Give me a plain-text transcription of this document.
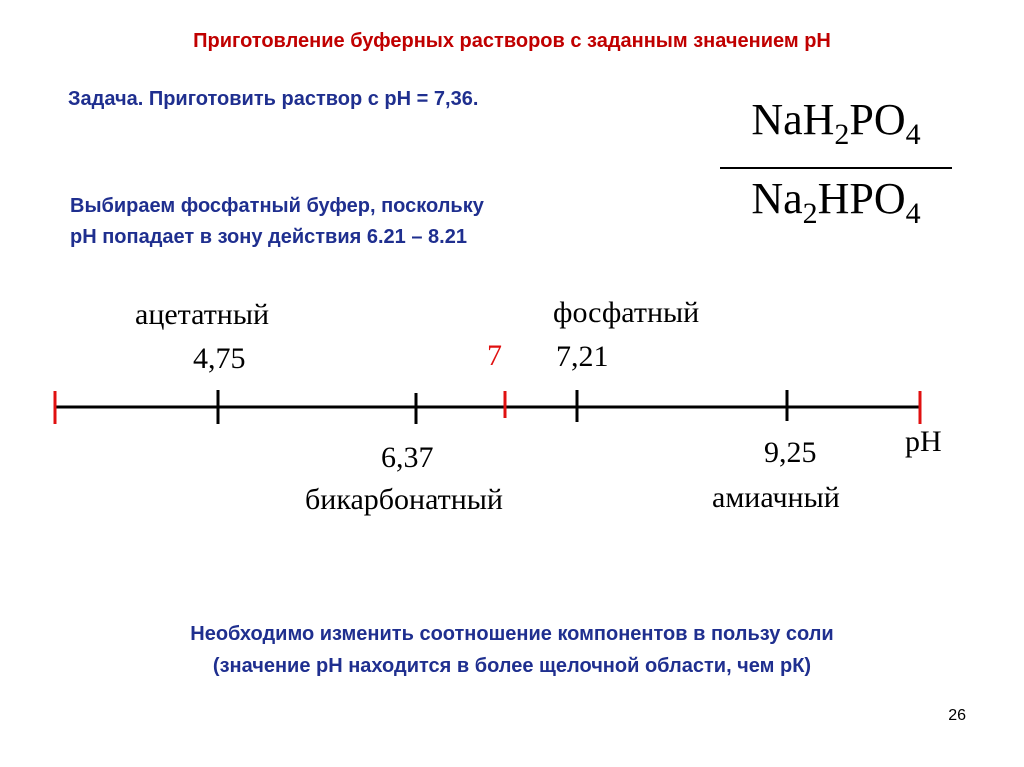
Приготовление буферных растворов с заданным значением рН
Задача. Приготовить раствор с рН = 7,36.
Выбираем фосфатный буфер, поскольку
рН попадает в зону действия 6.21 – 8.21
$NaH_2PO_4$
$Na_2HPO_4$
ацетатный
4,75
фосфатный
7,21
7
6,37
бикарбонатный
9,25
амиачный
pH
Необходимо изменить соотношение компонентов в пользу соли
(значение рН находится в более щелочной области, чем рК)
26
